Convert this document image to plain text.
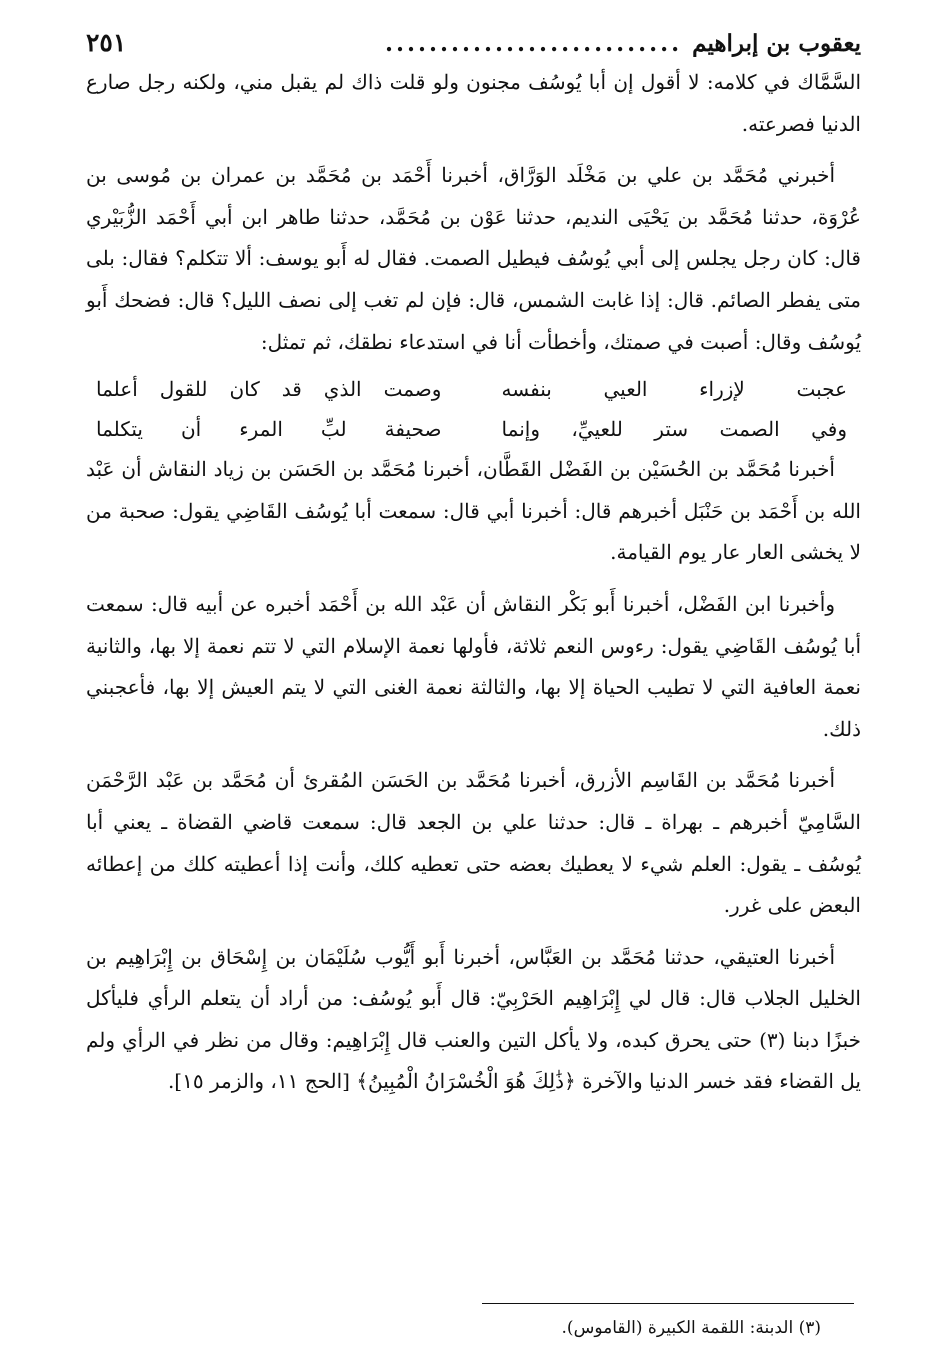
يعقوب بن إبراهيم
...........................
٢٥١

السَّمَّاك في كلامه: لا أقول إن أبا يُوسُف مجنون ولو قلت ذاك لم يقبل مني، ولكنه رجل صارع الدنيا فصرعته.

أخبرني مُحَمَّد بن علي بن مَخْلَد الوَرَّاق، أخبرنا أَحْمَد بن مُحَمَّد بن عمران بن مُوسى بن عُرْوَة، حدثنا مُحَمَّد بن يَحْيَى النديم، حدثنا عَوْن بن مُحَمَّد، حدثنا طاهر ابن أبي أَحْمَد الزُّبَيْري قال: كان رجل يجلس إلى أبي يُوسُف فيطيل الصمت. فقال له أَبو يوسف: ألا تتكلم؟ فقال: بلى متى يفطر الصائم. قال: إذا غابت الشمس، قال: فإن لم تغب إلى نصف الليل؟ قال: فضحك أَبو يُوسُف وقال: أصبت في صمتك، وأخطأت أنا في استدعاء نطقك، ثم تمثل:

عجبت لإزراء العيي بنفسه
وصمت الذي قد كان للقول أعلما
وفي الصمت ستر للعييِّ، وإنما
صحيفة لبِّ المرء أن يتكلما

أخبرنا مُحَمَّد بن الحُسَيْن بن الفَضْل القَطَّان، أخبرنا مُحَمَّد بن الحَسَن بن زياد النقاش أن عَبْد الله بن أَحْمَد بن حَنْبَل أخبرهم قال: أخبرنا أبي قال: سمعت أبا يُوسُف القَاضِي يقول: صحبة من لا يخشى العار عار يوم القيامة.

وأخبرنا ابن الفَضْل، أخبرنا أَبو بَكْر النقاش أن عَبْد الله بن أَحْمَد أخبره عن أبيه قال: سمعت أبا يُوسُف القَاضِي يقول: رءوس النعم ثلاثة، فأولها نعمة الإسلام التي لا تتم نعمة إلا بها، والثانية نعمة العافية التي لا تطيب الحياة إلا بها، والثالثة نعمة الغنى التي لا يتم العيش إلا بها، فأعجبني ذلك.

أخبرنا مُحَمَّد بن القَاسِم الأزرق، أخبرنا مُحَمَّد بن الحَسَن المُقرئ أن مُحَمَّد بن عَبْد الرَّحْمَن السَّامِيّ أخبرهم ـ بهراة ـ قال: حدثنا علي بن الجعد قال: سمعت قاضي القضاة ـ يعني أبا يُوسُف ـ يقول: العلم شيء لا يعطيك بعضه حتى تعطيه كلك، وأنت إذا أعطيته كلك من إعطائه البعض على غرر.

أخبرنا العتيقي، حدثنا مُحَمَّد بن العَبَّاس، أخبرنا أَبو أَيُّوب سُلَيْمَان بن إِسْحَاق بن إِبْرَاهِيم بن الخليل الجلاب قال: قال لي إِبْرَاهِيم الحَرْبِيّ: قال أَبو يُوسُف: من أراد أن يتعلم الرأي فليأكل خبزًا دبنا (٣) حتى يحرق كبده، ولا يأكل التين والعنب قال إِبْرَاهِيم: وقال من نظر في الرأي ولم يل القضاء فقد خسر الدنيا والآخرة ﴿ذَٰلِكَ هُوَ الْخُسْرَانُ الْمُبِينُ﴾ [الحج ١١، والزمر ١٥].

(٣) الدبنة: اللقمة الكبيرة (القاموس).
